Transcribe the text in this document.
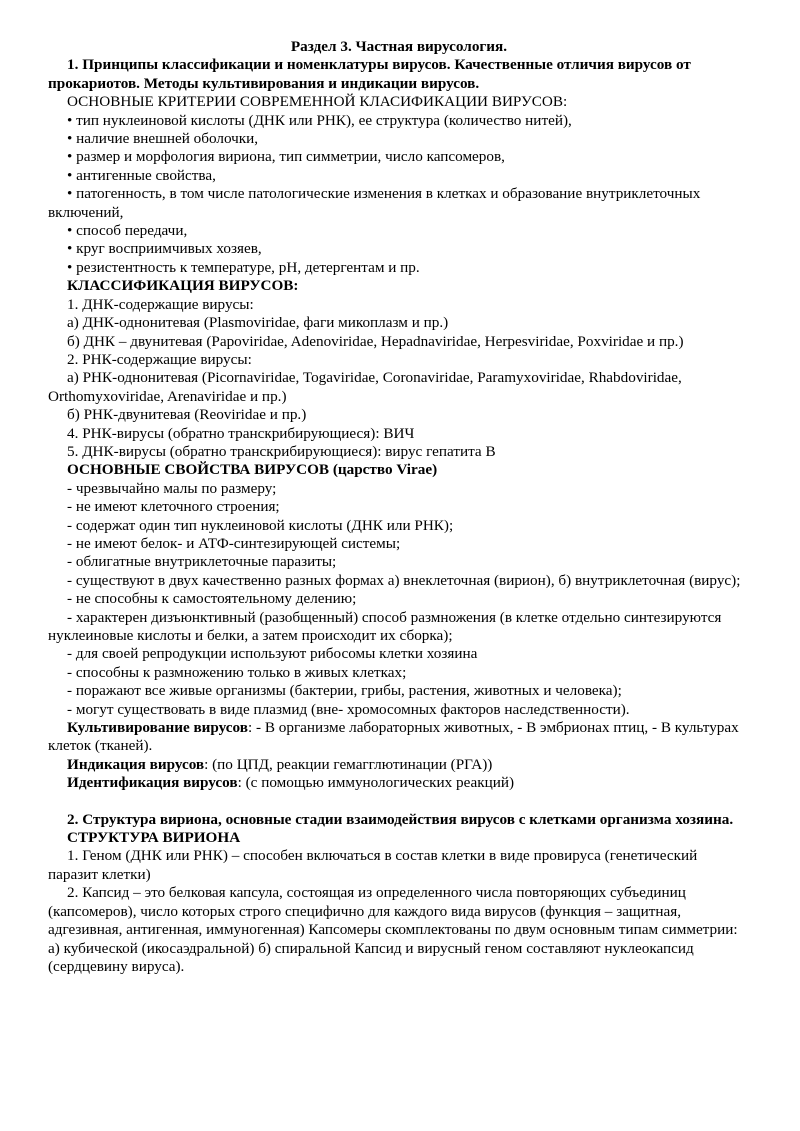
Раздел 3. Частная вирусология.

1. Принципы классификации и номенклатуры вирусов. Качественные отличия вирусов от прокариотов. Методы культивирования и индикации вирусов.

ОСНОВНЫЕ КРИТЕРИИ СОВРЕМЕННОЙ КЛАСИФИКАЦИИ ВИРУСОВ:

• тип нуклеиновой кислоты (ДНК или РНК), ее структура (количество нитей),

• наличие внешней оболочки,

• размер и морфология вириона, тип симметрии, число капсомеров,

• антигенные свойства,

• патогенность, в том числе патологические изменения в клетках и образование внутриклеточных включений,

• способ передачи,

• круг восприимчивых хозяев,

• резистентность к температуре, pH, детергентам и пр.

КЛАССИФИКАЦИЯ ВИРУСОВ:

1. ДНК-содержащие вирусы:

а) ДНК-однонитевая (Plasmoviridae, фаги микоплазм и пр.)

б) ДНК – двунитевая (Papoviridae, Adenoviridae, Hepadnaviridae, Herpesviridae, Poxviridae и пр.)

2. РНК-содержащие вирусы:

а) РНК-однонитевая (Picornaviridae, Togaviridae, Coronaviridae, Paramyxoviridae, Rhabdoviridae, Orthomyxoviridae, Arenaviridae и пр.)

б) РНК-двунитевая (Reoviridae и пр.)

4. РНК-вирусы (обратно транскрибирующиеся): ВИЧ

5. ДНК-вирусы (обратно транскрибирующиеся): вирус гепатита B

ОСНОВНЫЕ СВОЙСТВА ВИРУСОВ (царство Virae)

- чрезвычайно малы по размеру;

- не имеют клеточного строения;

- содержат один тип нуклеиновой кислоты (ДНК или РНК);

- не имеют белок- и АТФ-синтезирующей системы;

- облигатные внутриклеточные паразиты;

- существуют в двух качественно разных формах а) внеклеточная (вирион), б) внутриклеточная (вирус);

- не способны к самостоятельному делению;

- характерен дизъюнктивный (разобщенный) способ размножения (в клетке отдельно синтезируются нуклеиновые кислоты и белки, а затем происходит их сборка);

- для своей репродукции используют рибосомы клетки хозяина

- способны к размножению только в живых клетках;

- поражают все живые организмы (бактерии, грибы, растения, животных и человека);

- могут существовать в виде плазмид (вне- хромосомных факторов наследственности).

Культивирование вирусов: - В организме лабораторных животных, - В эмбрионах птиц, - В культурах клеток (тканей).

Индикация вирусов: (по ЦПД, реакции гемагглютинации (РГА))

Идентификация вирусов: (с помощью иммунологических реакций)

2. Структура вириона, основные стадии взаимодействия вирусов с клетками организма хозяина.

СТРУКТУРА ВИРИОНА

1. Геном (ДНК или РНК) – способен включаться в состав клетки в виде провируса (генетический паразит клетки)

2. Капсид – это белковая капсула, состоящая из определенного числа повторяющих субъединиц (капсомеров), число которых строго специфично для каждого вида вирусов (функция – защитная, адгезивная, антигенная, иммуногенная) Капсомеры скомплектованы по двум основным типам симметрии: а) кубической (икосаэдральной) б) спиральной Капсид и вирусный геном составляют нуклеокапсид (сердцевину вируса).
